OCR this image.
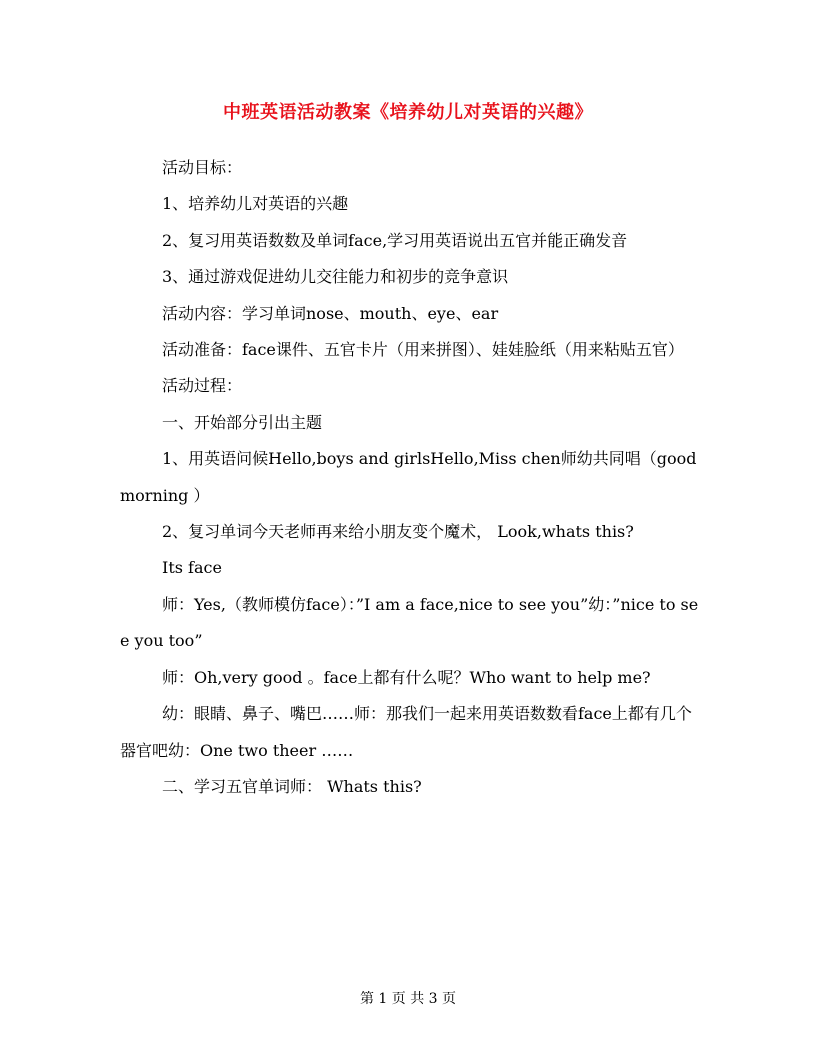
中班英语活动教案《培养幼儿对英语的兴趣》

活动目标：

1、培养幼儿对英语的兴趣

2、复习用英语数数及单词face,学习用英语说出五官并能正确发音

3、通过游戏促进幼儿交往能力和初步的竞争意识

活动内容：学习单词nose、mouth、eye、ear

活动准备：face课件、五官卡片（用来拼图）、娃娃脸纸（用来粘贴五官）

活动过程：

一、开始部分引出主题

1、用英语问候Hello,boys and girlsHello,Miss chen师幼共同唱（good morning ）

2、复习单词今天老师再来给小朋友变个魔术， Look,whats this?

Its face

师：Yes,（教师模仿face）：”I am a face,nice to see you”幼：”nice to see you too”

师：Oh,very good 。face上都有什么呢？Who want to help me?

幼：眼睛、鼻子、嘴巴……师：那我们一起来用英语数数看face上都有几个器官吧幼：One two theer ……

二、学习五官单词师： Whats this?

第 1 页 共 3 页
